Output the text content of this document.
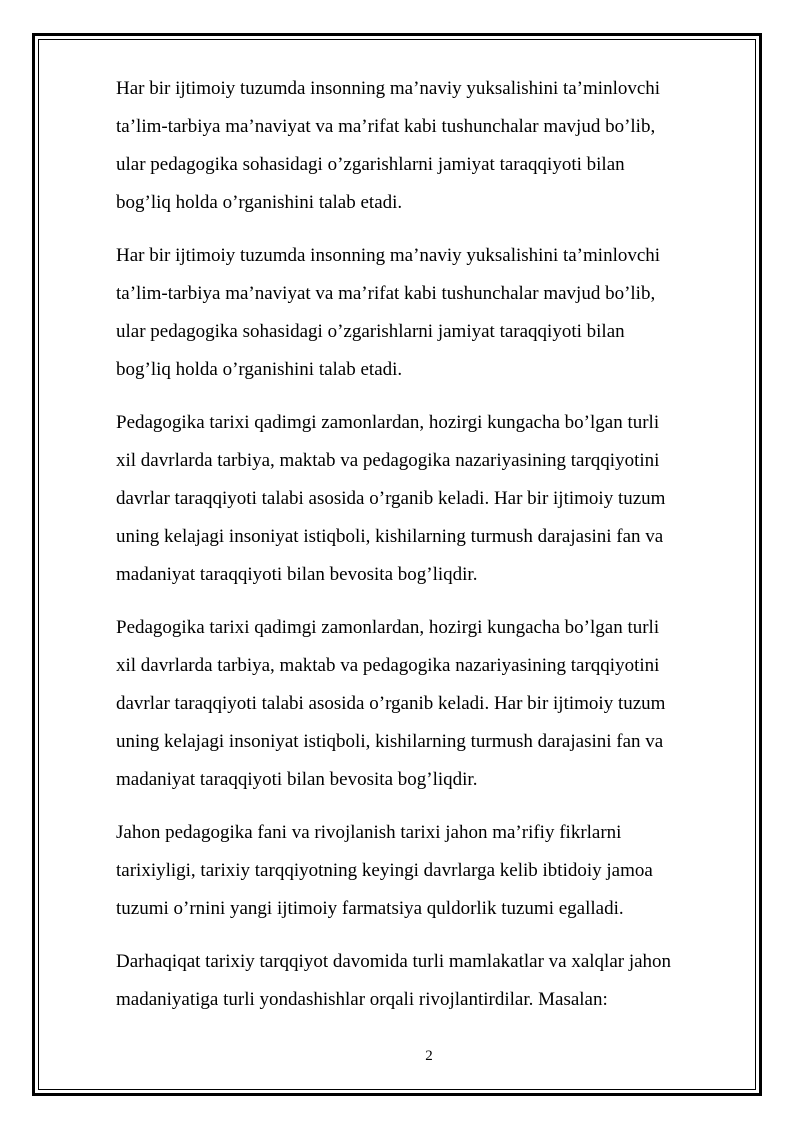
Har bir ijtimoiy tuzumda insonning ma’naviy yuksalishini ta’minlovchi
ta’lim-tarbiya ma’naviyat va ma’rifat kabi tushunchalar mavjud bo’lib,
ular pedagogika sohasidagi o’zgarishlarni jamiyat taraqqiyoti bilan
bog’liq holda o’rganishini talab etadi.

Har bir ijtimoiy tuzumda insonning ma’naviy yuksalishini ta’minlovchi
ta’lim-tarbiya ma’naviyat va ma’rifat kabi tushunchalar mavjud bo’lib,
ular pedagogika sohasidagi o’zgarishlarni jamiyat taraqqiyoti bilan
bog’liq holda o’rganishini talab etadi.

Pedagogika tarixi qadimgi zamonlardan, hozirgi kungacha bo’lgan turli
xil davrlarda tarbiya, maktab va pedagogika nazariyasining tarqqiyotini
davrlar taraqqiyoti talabi asosida o’rganib keladi. Har bir ijtimoiy tuzum
uning kelajagi insoniyat istiqboli, kishilarning turmush darajasini fan va
madaniyat taraqqiyoti bilan bevosita bog’liqdir.

Pedagogika tarixi qadimgi zamonlardan, hozirgi kungacha bo’lgan turli
xil davrlarda tarbiya, maktab va pedagogika nazariyasining tarqqiyotini
davrlar taraqqiyoti talabi asosida o’rganib keladi. Har bir ijtimoiy tuzum
uning kelajagi insoniyat istiqboli, kishilarning turmush darajasini fan va
madaniyat taraqqiyoti bilan bevosita bog’liqdir.

Jahon pedagogika fani va rivojlanish tarixi jahon ma’rifiy fikrlarni
tarixiyligi, tarixiy tarqqiyotning keyingi davrlarga kelib ibtidoiy jamoa
tuzumi o’rnini yangi ijtimoiy farmatsiya quldorlik tuzumi egalladi.

Darhaqiqat tarixiy tarqqiyot davomida turli mamlakatlar va xalqlar jahon
madaniyatiga turli yondashishlar orqali rivojlantirdilar. Masalan:

2
